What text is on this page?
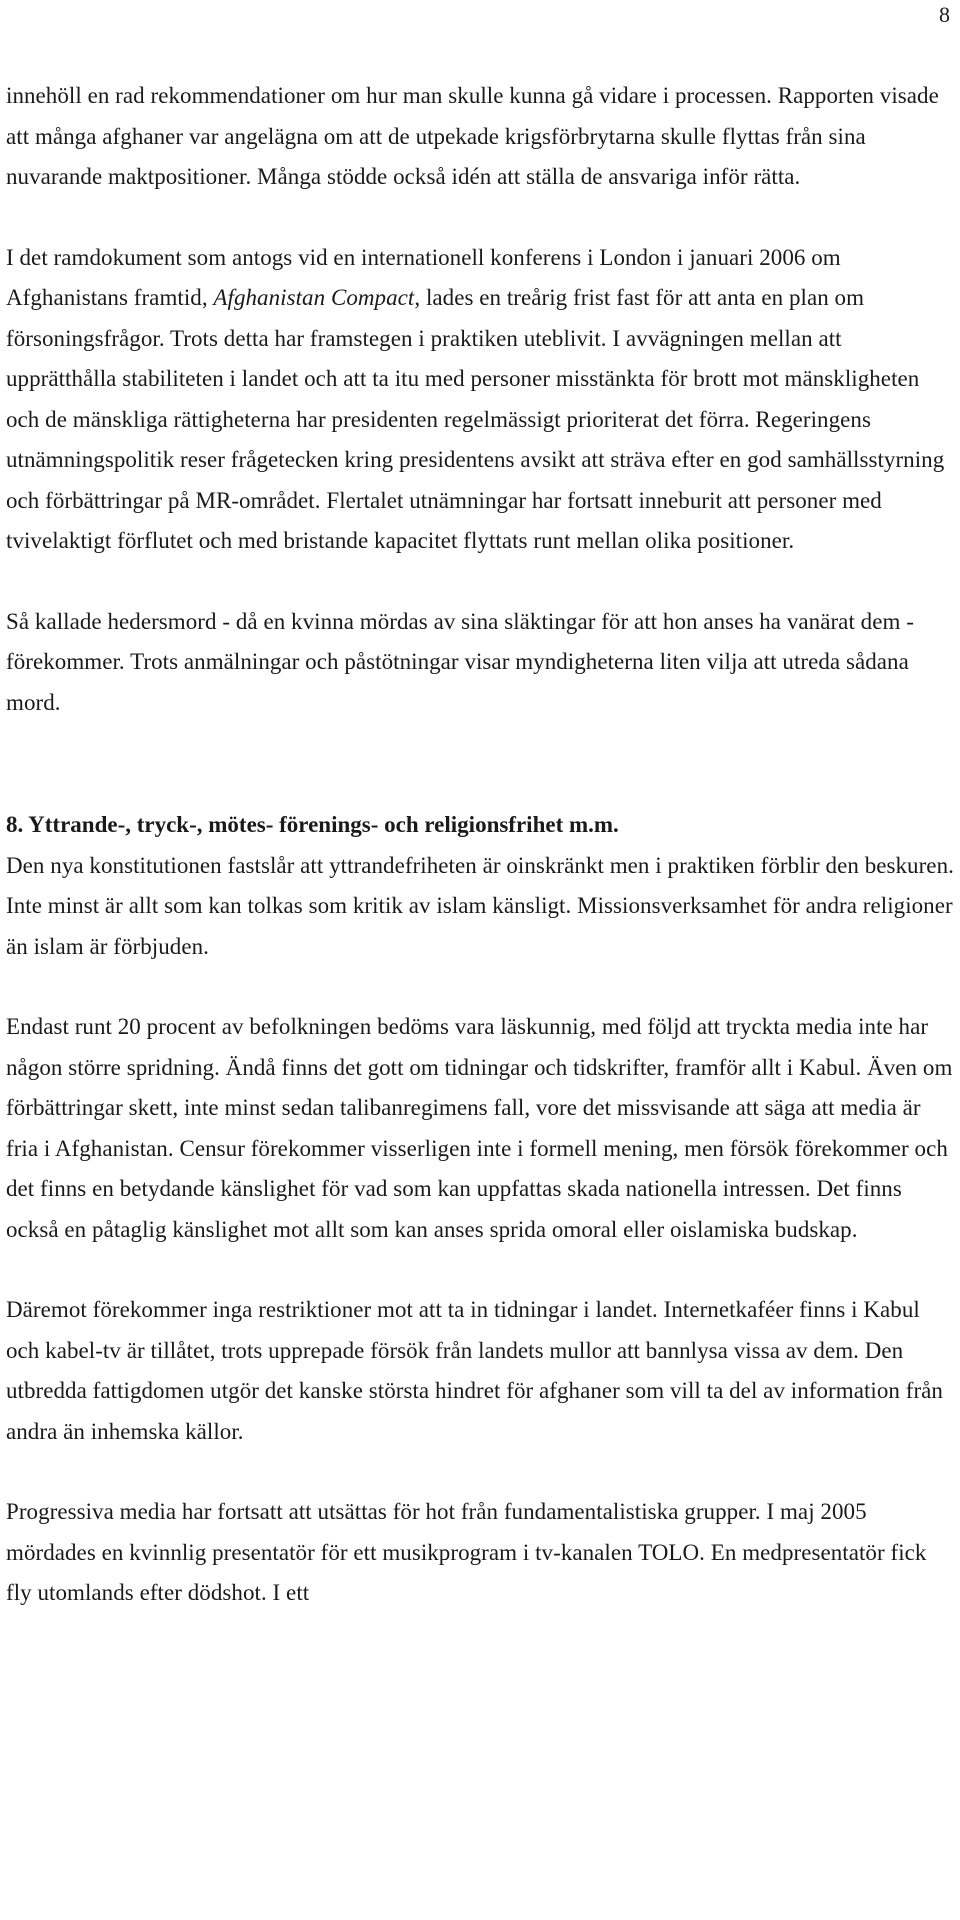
8

innehöll en rad rekommendationer om hur man skulle kunna gå vidare i processen. Rapporten visade att många afghaner var angelägna om att de utpekade krigsförbrytarna skulle flyttas från sina nuvarande maktpositioner. Många stödde också idén att ställa de ansvariga inför rätta.

I det ramdokument som antogs vid en internationell konferens i London i januari 2006 om Afghanistans framtid, Afghanistan Compact, lades en treårig frist fast för att anta en plan om försoningsfrågor. Trots detta har framstegen i praktiken uteblivit. I avvägningen mellan att upprätthålla stabiliteten i landet och att ta itu med personer misstänkta för brott mot mänskligheten och de mänskliga rättigheterna har presidenten regelmässigt prioriterat det förra. Regeringens utnämningspolitik reser frågetecken kring presidentens avsikt att sträva efter en god samhällsstyrning och förbättringar på MR-området. Flertalet utnämningar har fortsatt inneburit att personer med tvivelaktigt förflutet och med bristande kapacitet flyttats runt mellan olika positioner.

Så kallade hedersmord - då en kvinna mördas av sina släktingar för att hon anses ha vanärat dem - förekommer. Trots anmälningar och påstötningar visar myndigheterna liten vilja att utreda sådana mord.

8. Yttrande-, tryck-, mötes- förenings- och religionsfrihet m.m.

Den nya konstitutionen fastslår att yttrandefriheten är oinskränkt men i praktiken förblir den beskuren. Inte minst är allt som kan tolkas som kritik av islam känsligt. Missionsverksamhet för andra religioner än islam är förbjuden.

Endast runt 20 procent av befolkningen bedöms vara läskunnig, med följd att tryckta media inte har någon större spridning. Ändå finns det gott om tidningar och tidskrifter, framför allt i Kabul. Även om förbättringar skett, inte minst sedan talibanregimens fall, vore det missvisande att säga att media är fria i Afghanistan. Censur förekommer visserligen inte i formell mening, men försök förekommer och det finns en betydande känslighet för vad som kan uppfattas skada nationella intressen. Det finns också en påtaglig känslighet mot allt som kan anses sprida omoral eller oislamiska budskap.

Däremot förekommer inga restriktioner mot att ta in tidningar i landet. Internetkaféer finns i Kabul och kabel-tv är tillåtet, trots upprepade försök från landets mullor att bannlysa vissa av dem. Den utbredda fattigdomen utgör det kanske största hindret för afghaner som vill ta del av information från andra än inhemska källor.

Progressiva media har fortsatt att utsättas för hot från fundamentalistiska grupper. I maj 2005 mördades en kvinnlig presentatör för ett musikprogram i tv-kanalen TOLO. En medpresentatör fick fly utomlands efter dödshot. I ett
